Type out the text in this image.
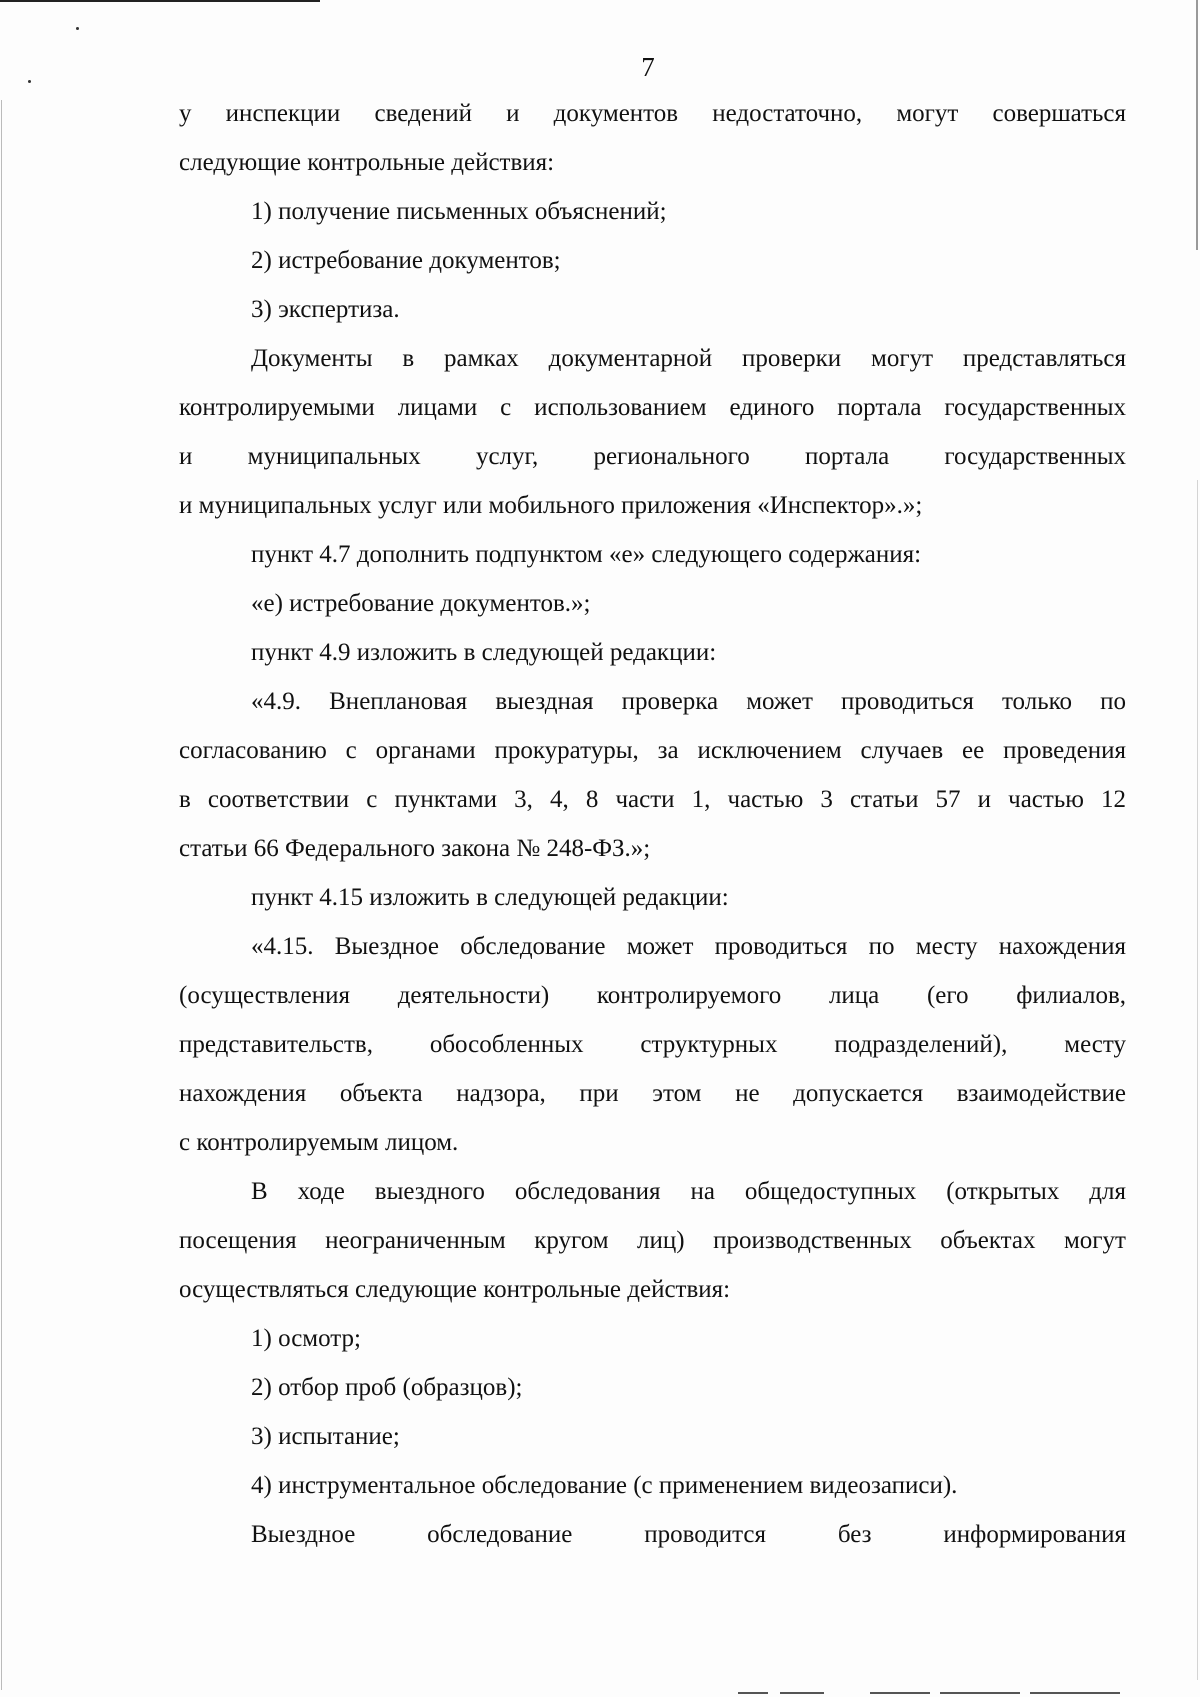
7
у инспекции сведений и документов недостаточно, могут совершаться
следующие контрольные действия:
1) получение письменных объяснений;
2) истребование документов;
3) экспертиза.
Документы в рамках документарной проверки могут представляться
контролируемыми лицами с использованием единого портала государственных
и муниципальных услуг, регионального портала государственных
и муниципальных услуг или мобильного приложения «Инспектор».»;
пункт 4.7 дополнить подпунктом «е» следующего содержания:
«е) истребование документов.»;
пункт 4.9 изложить в следующей редакции:
«4.9. Внеплановая выездная проверка может проводиться только по
согласованию с органами прокуратуры, за исключением случаев ее проведения
в соответствии с пунктами 3, 4, 8 части 1, частью 3 статьи 57 и частью 12
статьи 66 Федерального закона № 248-ФЗ.»;
пункт 4.15 изложить в следующей редакции:
«4.15. Выездное обследование может проводиться по месту нахождения
(осуществления деятельности) контролируемого лица (его филиалов,
представительств, обособленных структурных подразделений), месту
нахождения объекта надзора, при этом не допускается взаимодействие
с контролируемым лицом.
В ходе выездного обследования на общедоступных (открытых для
посещения неограниченным кругом лиц) производственных объектах могут
осуществляться следующие контрольные действия:
1) осмотр;
2) отбор проб (образцов);
3) испытание;
4) инструментальное обследование (с применением видеозаписи).
Выездное обследование проводится без информирования
